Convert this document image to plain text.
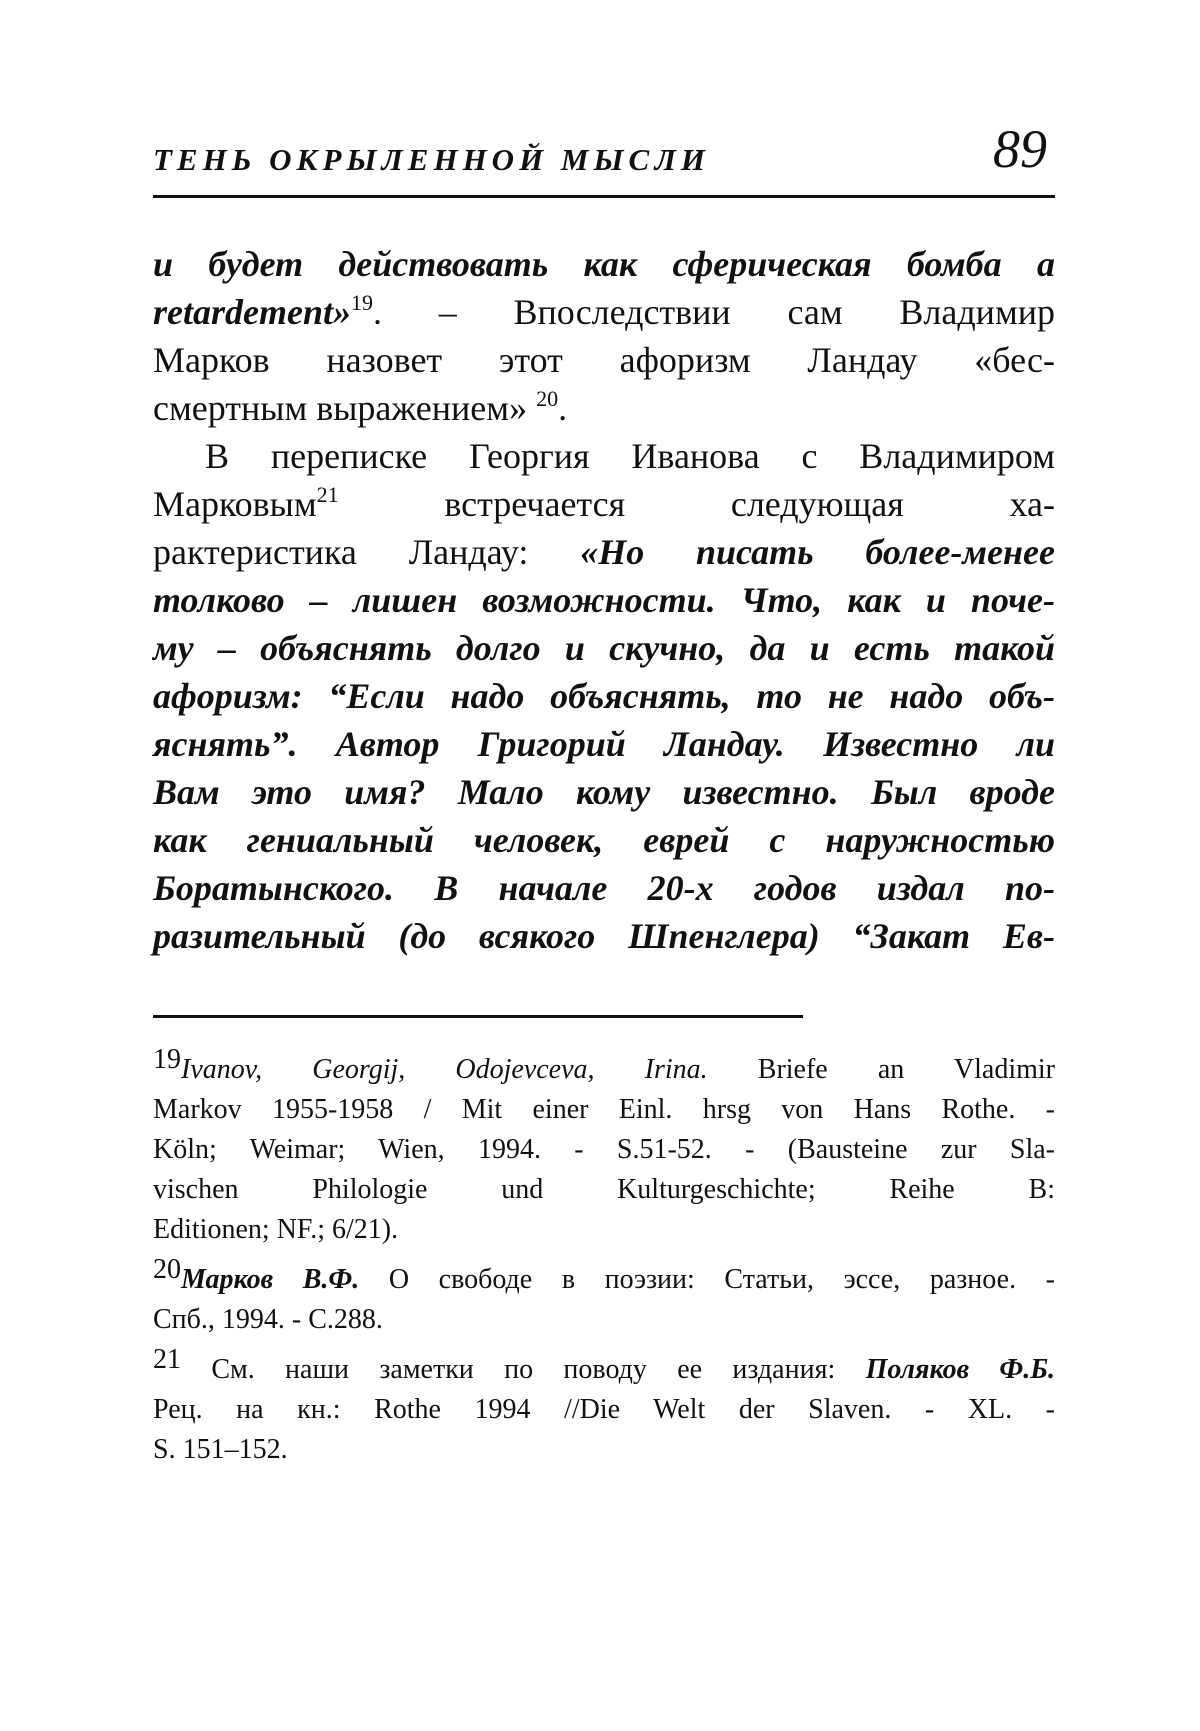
ТЕНЬ ОКРЫЛЕННОЙ МЫСЛИ	89
и будет действовать как сферическая бомба а
retardement»$^{19}$. – Впоследствии сам Владимир
Марков назовет этот афоризм Ландау «бес-
смертным выражением» $^{20}$.
В переписке Георгия Иванова с Владимиром
Марковым$^{21}$ встречается следующая ха-
рактеристика Ландау: «Но писать более-менее
толково – лишен возможности. Что, как и поче-
му – объяснять долго и скучно, да и есть такой
афоризм: “Если надо объяснять, то не надо объ-
яснять”. Автор Григорий Ландау. Известно ли
Вам это имя? Мало кому известно. Был вроде
как гениальный человек, еврей с наружностью
Боратынского. В начале 20-х годов издал по-
разительный (до всякого Шпенглера) “Закат Ев-
19Ivanov, Georgij, Odojevceva, Irina. Briefe an Vladimir
Markov 1955-1958 / Mit einer Einl. hrsg von Hans Rothe. -
Köln; Weimar; Wien, 1994. - S.51-52. - (Bausteine zur Sla-
vischen Philologie und Kulturgeschichte; Reihe B:
Editionen; NF.; 6/21).
20Марков В.Ф. О свободе в поэзии: Статьи, эссе, разное. -
Спб., 1994. - С.288.
21 См. наши заметки по поводу ее издания: Поляков Ф.Б.
Рец. на кн.: Rothe 1994 //Die Welt der Slaven. - XL. -
S. 151–152.
